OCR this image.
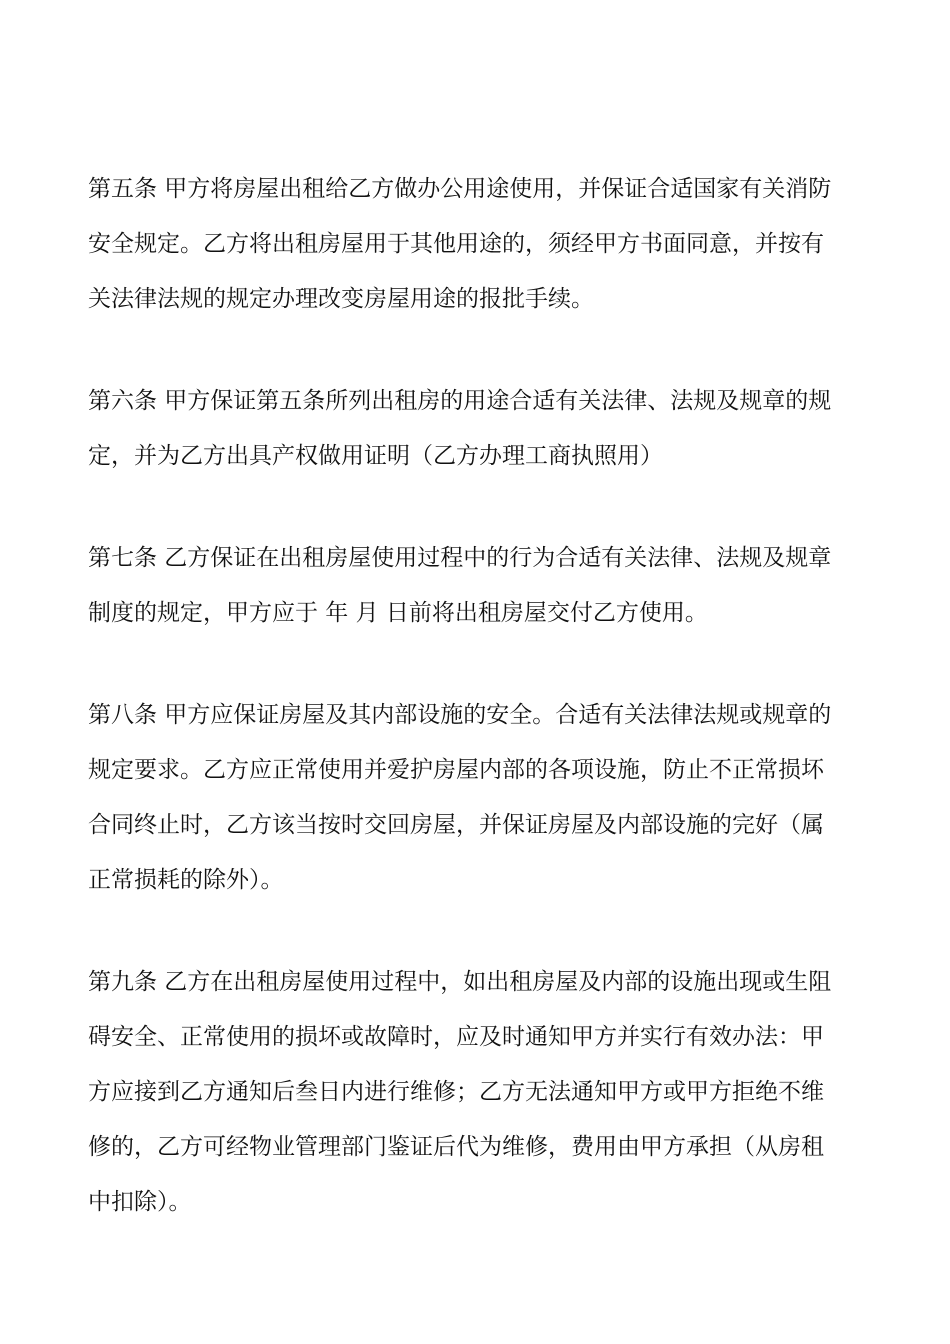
第五条 甲方将房屋出租给乙方做办公用途使用，并保证合适国家有关消防
安全规定。乙方将出租房屋用于其他用途的，须经甲方书面同意，并按有
关法律法规的规定办理改变房屋用途的报批手续。
第六条 甲方保证第五条所列出租房的用途合适有关法律、法规及规章的规
定，并为乙方出具产权做用证明（乙方办理工商执照用）
第七条 乙方保证在出租房屋使用过程中的行为合适有关法律、法规及规章
制度的规定，甲方应于 年 月 日前将出租房屋交付乙方使用。
第八条 甲方应保证房屋及其内部设施的安全。合适有关法律法规或规章的
规定要求。乙方应正常使用并爱护房屋内部的各项设施，防止不正常损坏
合同终止时，乙方该当按时交回房屋，并保证房屋及内部设施的完好（属
正常损耗的除外）。
第九条 乙方在出租房屋使用过程中，如出租房屋及内部的设施出现或生阻
碍安全、正常使用的损坏或故障时，应及时通知甲方并实行有效办法：甲
方应接到乙方通知后叁日内进行维修；乙方无法通知甲方或甲方拒绝不维
修的，乙方可经物业管理部门鉴证后代为维修，费用由甲方承担（从房租
中扣除）。
